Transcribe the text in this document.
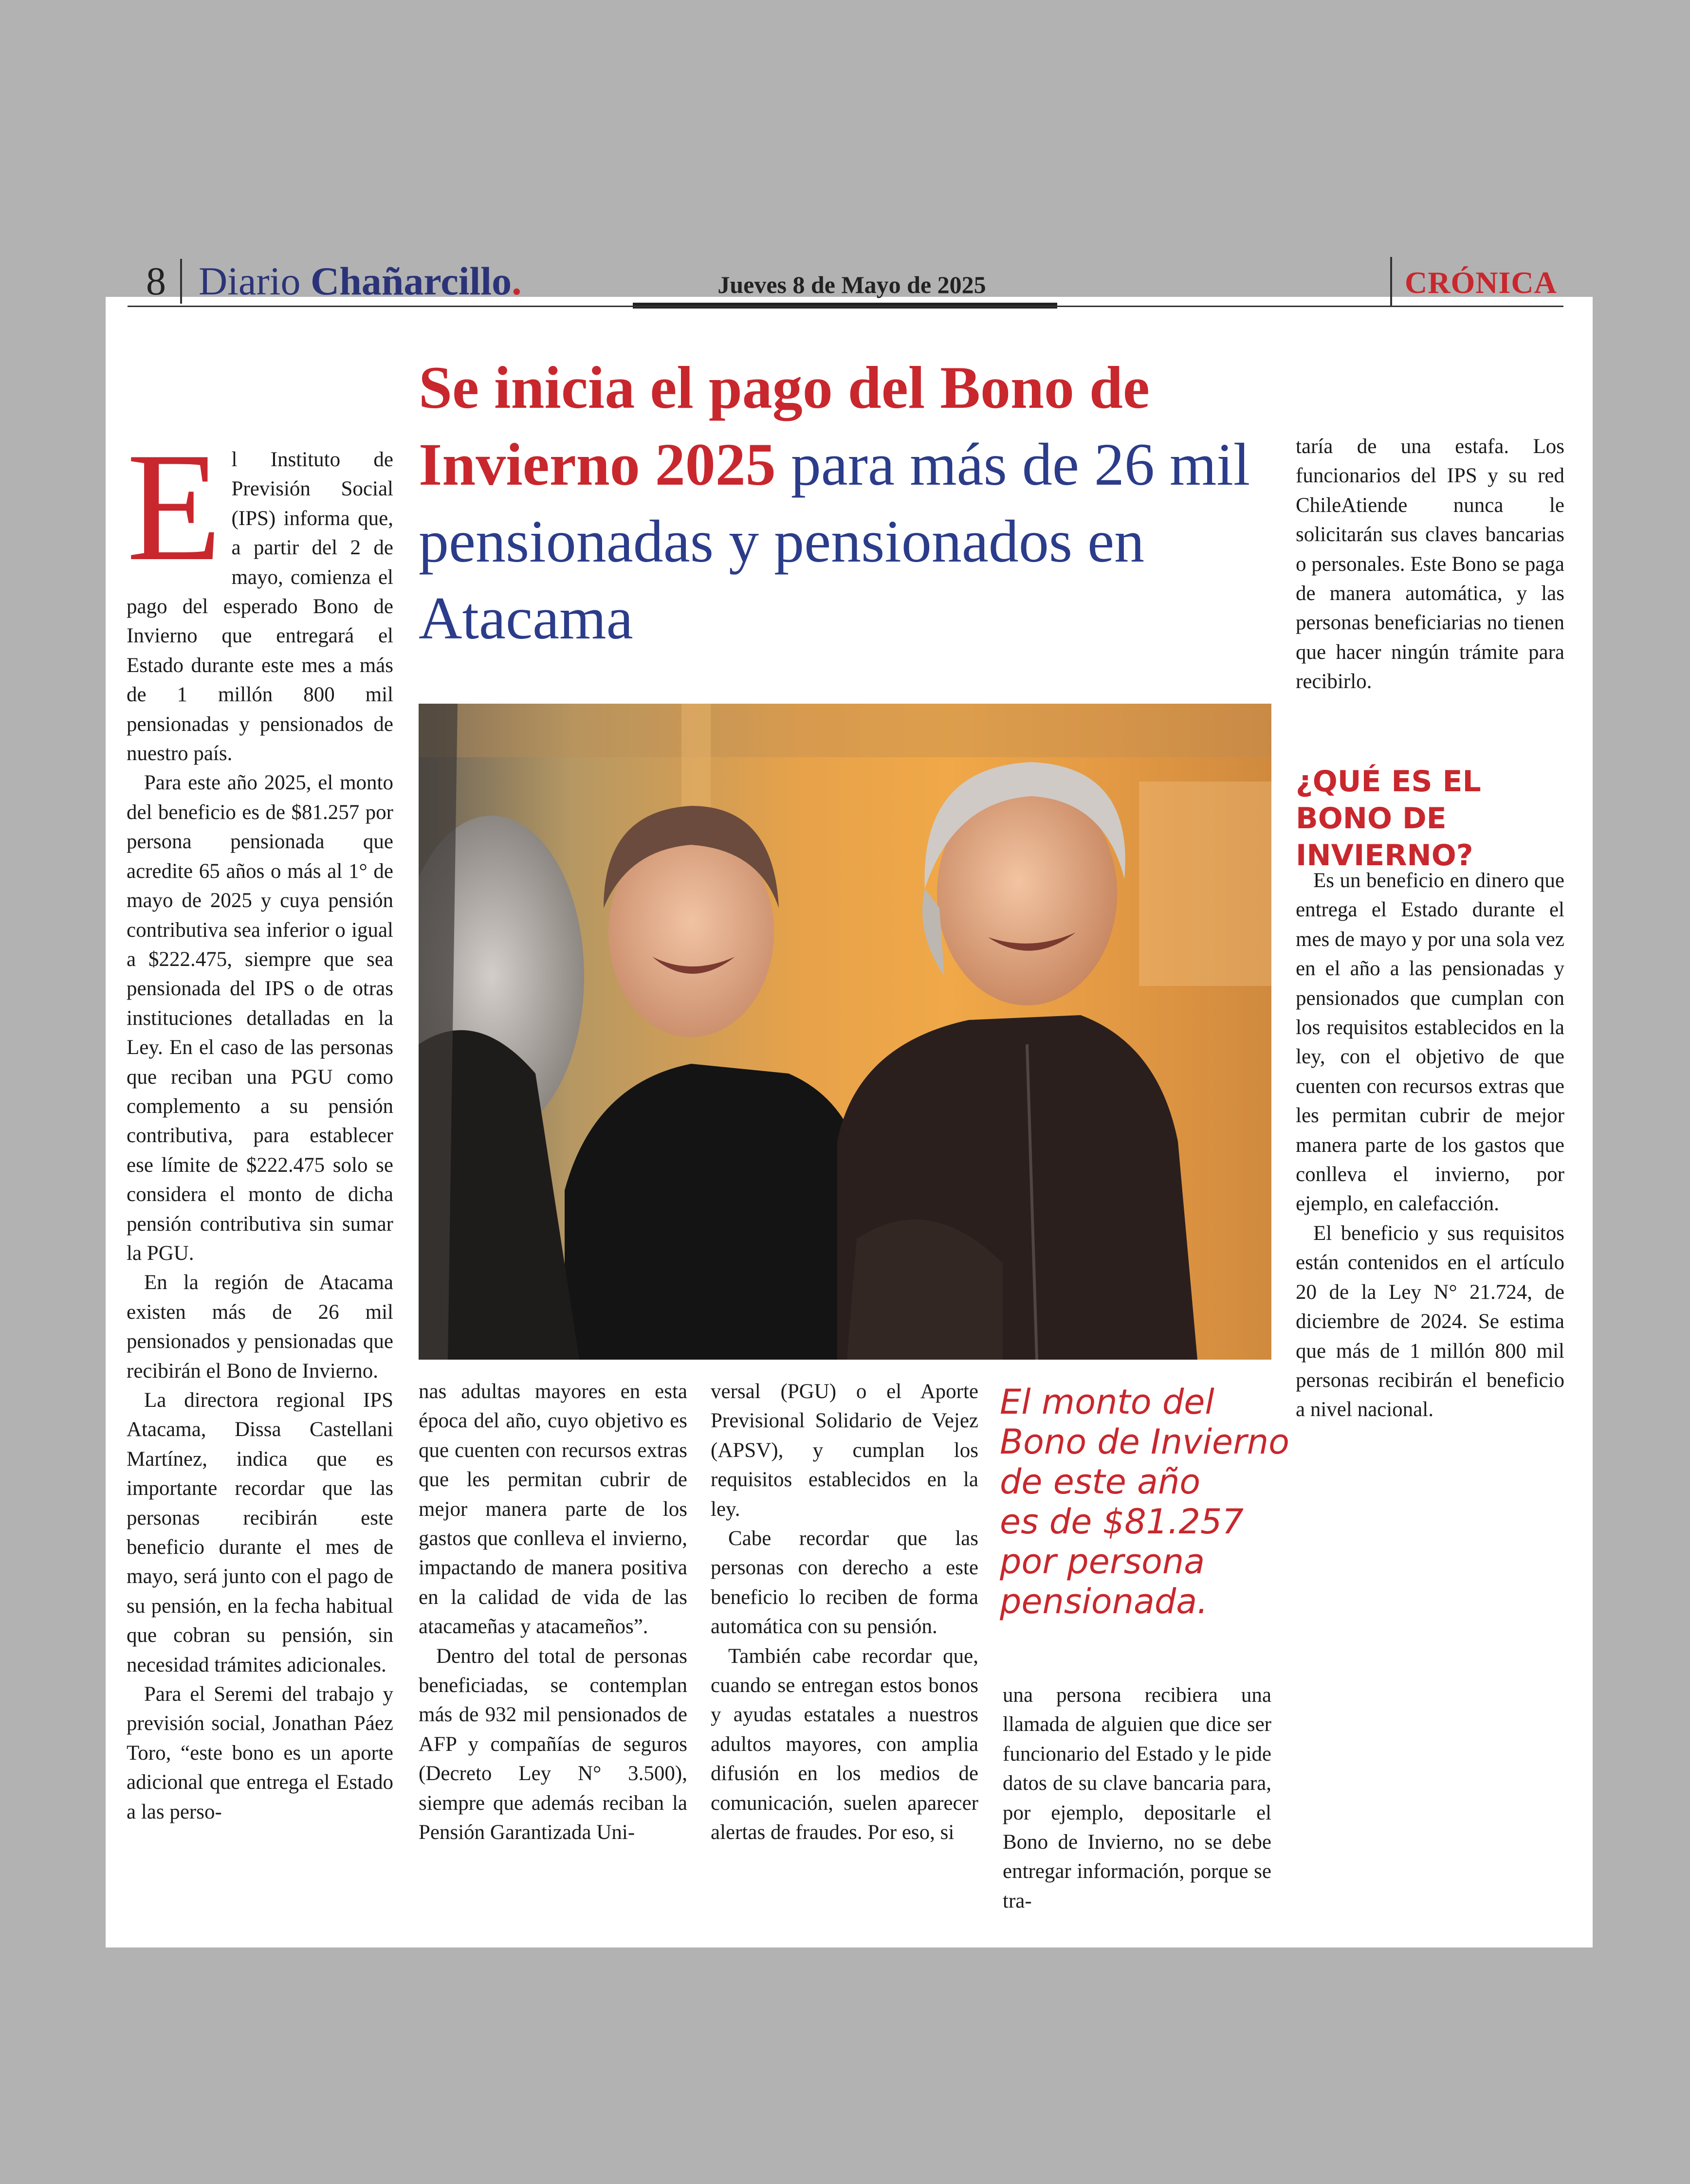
8 Diario Chañarcillo.	Jueves 8 de Mayo de 2025	CRÓNICA
Se inicia el pago del Bono de Invierno 2025 para más de 26 mil pensionadas y pensionados en Atacama
E l Instituto de Previsión Social (IPS) informa que, a partir del 2 de mayo, comienza el pago del esperado Bono de Invierno que entregará el Estado durante este mes a más de 1 millón 800 mil pensionadas y pensionados de nuestro país.

Para este año 2025, el monto del beneficio es de $81.257 por persona pensionada que acredite 65 años o más al 1° de mayo de 2025 y cuya pensión contributiva sea inferior o igual a $222.475, siempre que sea pensionada del IPS o de otras instituciones detalladas en la Ley. En el caso de las personas que reciban una PGU como complemento a su pensión contributiva, para establecer ese límite de $222.475 solo se considera el monto de dicha pensión contributiva sin sumar la PGU.

En la región de Atacama existen más de 26 mil pensionados y pensionadas que recibirán el Bono de Invierno.

La directora regional IPS Atacama, Dissa Castellani Martínez, indica que es importante recordar que las personas recibirán este beneficio durante el mes de mayo, será junto con el pago de su pensión, en la fecha habitual que cobran su pensión, sin necesidad trámites adicionales.

Para el Seremi del trabajo y previsión social, Jonathan Páez Toro, “este bono es un aporte adicional que entrega el Estado a las perso-

nas adultas mayores en esta época del año, cuyo objetivo es que cuenten con recursos extras que les permitan cubrir de mejor manera parte de los gastos que conlleva el invierno, impactando de manera positiva en la calidad de vida de las atacameñas y atacameños”.

Dentro del total de personas beneficiadas, se contemplan más de 932 mil pensionados de AFP y compañías de seguros (Decreto Ley N° 3.500), siempre que además reciban la Pensión Garantizada Uni-

versal (PGU) o el Aporte Previsional Solidario de Vejez (APSV), y cumplan los requisitos establecidos en la ley.

Cabe recordar que las personas con derecho a este beneficio lo reciben de forma automática con su pensión.

También cabe recordar que, cuando se entregan estos bonos y ayudas estatales a nuestros adultos mayores, con amplia difusión en los medios de comunicación, suelen aparecer alertas de fraudes. Por eso, si

El monto del
Bono de Invierno
de este año
es de $81.257
por persona
pensionada.

una persona recibiera una llamada de alguien que dice ser funcionario del Estado y le pide datos de su clave bancaria para, por ejemplo, depositarle el Bono de Invierno, no se debe entregar información, porque se tra-

taría de una estafa. Los funcionarios del IPS y su red ChileAtiende nunca le solicitarán sus claves bancarias o personales. Este Bono se paga de manera automática, y las personas beneficiarias no tienen que hacer ningún trámite para recibirlo.

¿QUÉ ES EL BONO DE INVIERNO?

Es un beneficio en dinero que entrega el Estado durante el mes de mayo y por una sola vez en el año a las pensionadas y pensionados que cumplan con los requisitos establecidos en la ley, con el objetivo de que cuenten con recursos extras que les permitan cubrir de mejor manera parte de los gastos que conlleva el invierno, por ejemplo, en calefacción.

El beneficio y sus requisitos están contenidos en el artículo 20 de la Ley N° 21.724, de diciembre de 2024. Se estima que más de 1 millón 800 mil personas recibirán el beneficio a nivel nacional.
